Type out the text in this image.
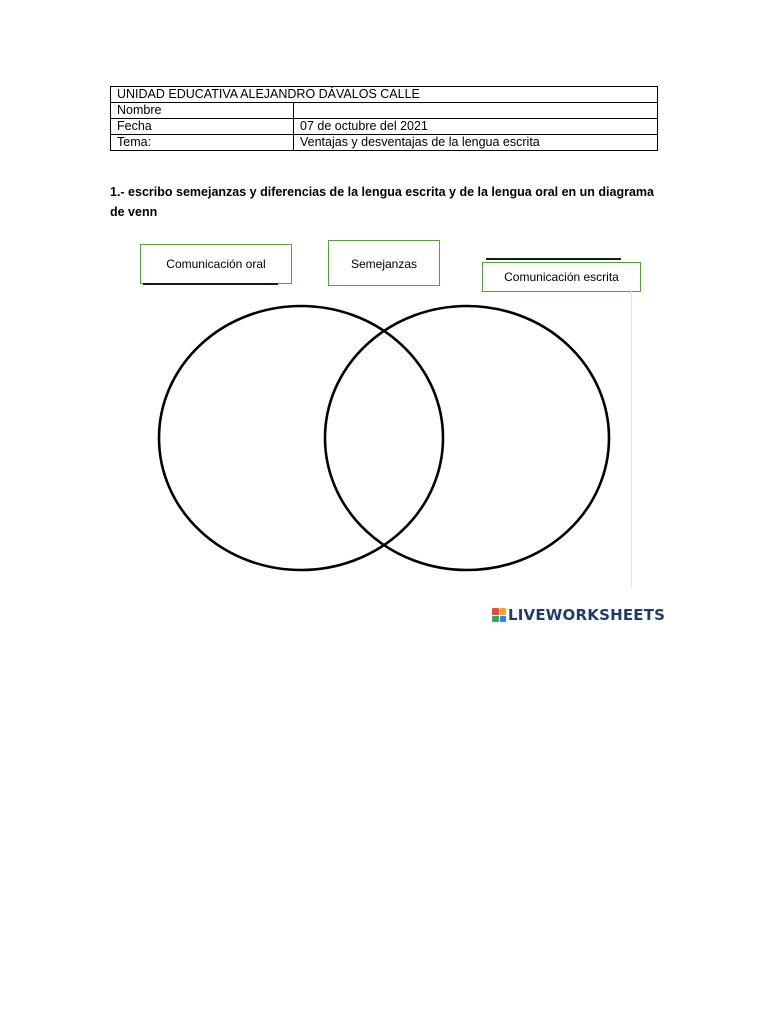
UNIDAD EDUCATIVA ALEJANDRO DÁVALOS CALLE	
Nombre	
Fecha	07 de octubre del 2021
Tema:	Ventajas y desventajas de la lengua escrita
1.- escribo semejanzas y diferencias de la lengua escrita y de la lengua oral en un diagrama de venn
Comunicación oral	Semejanzas
Comunicación escrita
LIVEWORKSHEETS
